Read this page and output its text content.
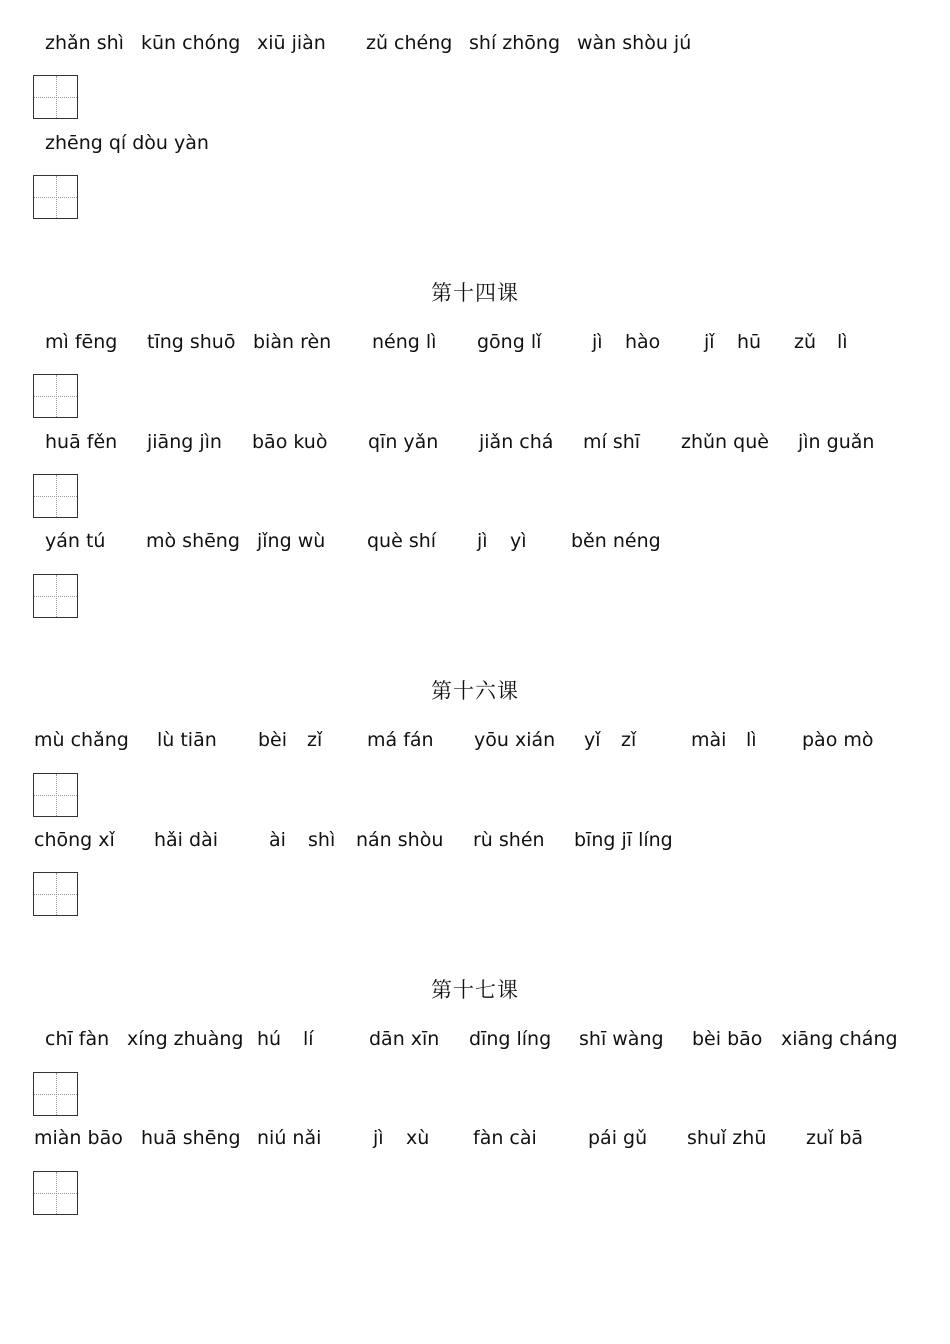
zhǎn shì kūn chóng xiū jiàn zǔ chéng shí zhōng wàn shòu jú
zhēng qí dòu yàn
第十四课
mì fēng tīng shuō biàn rèn néng lì gōng lǐ	jì hào jǐ hū zǔ lì
huā fěn jiāng jìn bāo kuò qīn yǎn jiǎn chá mí shī zhǔn què jìn guǎn
yán tú mò shēng jǐng wù què shí jì yì běn néng
第十六课
mù chǎng lù tiān bèi zǐ má fán yōu xián yǐ zǐ	mài lì pào mò
chōng xǐ hǎi dài	ài shì nán shòu rù shén bīng jī líng
第十七课
chī fàn xíng zhuàng hú lí	dān xīn dīng líng shī wàng bèi bāo xiāng cháng
miàn bāo huā shēng niú nǎi	jì xù fàn cài	pái gǔ shuǐ zhū zuǐ bā
